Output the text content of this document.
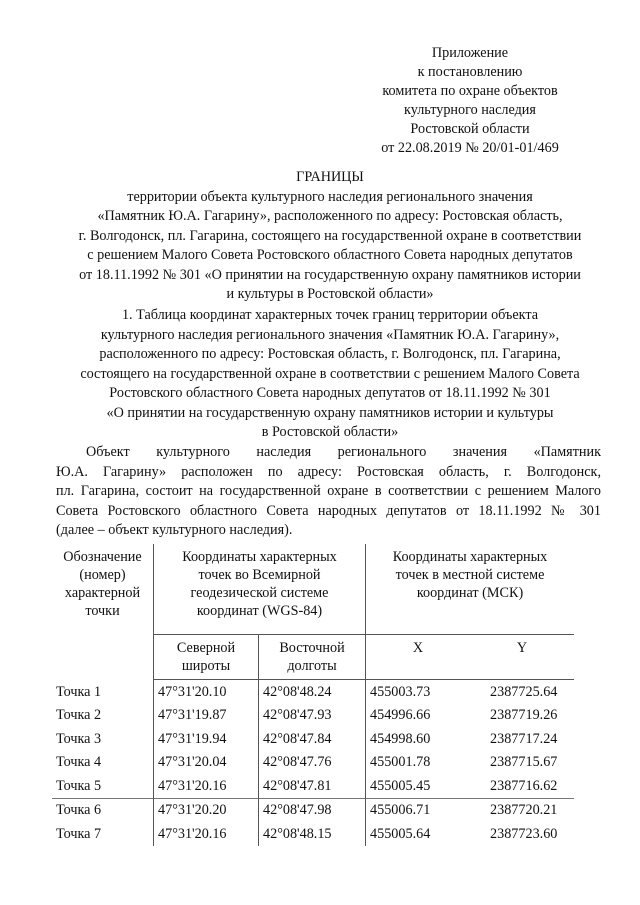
Приложение
к постановлению
комитета по охране объектов
культурного наследия
Ростовской области
от 22.08.2019 № 20/01-01/469
ГРАНИЦЫ
территории объекта культурного наследия регионального значения
«Памятник Ю.А. Гагарину», расположенного по адресу: Ростовская область,
г. Волгодонск, пл. Гагарина, состоящего на государственной охране в соответствии
с решением Малого Совета Ростовского областного Совета народных депутатов
от 18.11.1992 № 301 «О принятии на государственную охрану памятников истории
и культуры в Ростовской области»
1. Таблица координат характерных точек границ территории объекта
культурного наследия регионального значения «Памятник Ю.А. Гагарину»,
расположенного по адресу: Ростовская область, г. Волгодонск, пл. Гагарина,
состоящего на государственной охране в соответствии с решением Малого Совета
Ростовского областного Совета народных депутатов от 18.11.1992 № 301
«О принятии на государственную охрану памятников истории и культуры
в Ростовской области»
Объект культурного наследия регионального значения «Памятник
Ю.А. Гагарину» расположен по адресу: Ростовская область, г. Волгодонск,
пл. Гагарина, состоит на государственной охране в соответствии с решением Малого
Совета Ростовского областного Совета народных депутатов от 18.11.1992 № 301
(далее – объект культурного наследия).
Обозначение (номер) характерной точки	Координаты характерных точек во Всемирной геодезической системе координат (WGS-84)		Координаты характерных точек в местной системе координат (МСК)	
	Северной широты	Восточной долготы	X	Y
Точка 1	47°31'20.10	42°08'48.24	455003.73	2387725.64
Точка 2	47°31'19.87	42°08'47.93	454996.66	2387719.26
Точка 3	47°31'19.94	42°08'47.84	454998.60	2387717.24
Точка 4	47°31'20.04	42°08'47.76	455001.78	2387715.67
Точка 5	47°31'20.16	42°08'47.81	455005.45	2387716.62
Точка 6	47°31'20.20	42°08'47.98	455006.71	2387720.21
Точка 7	47°31'20.16	42°08'48.15	455005.64	2387723.60
